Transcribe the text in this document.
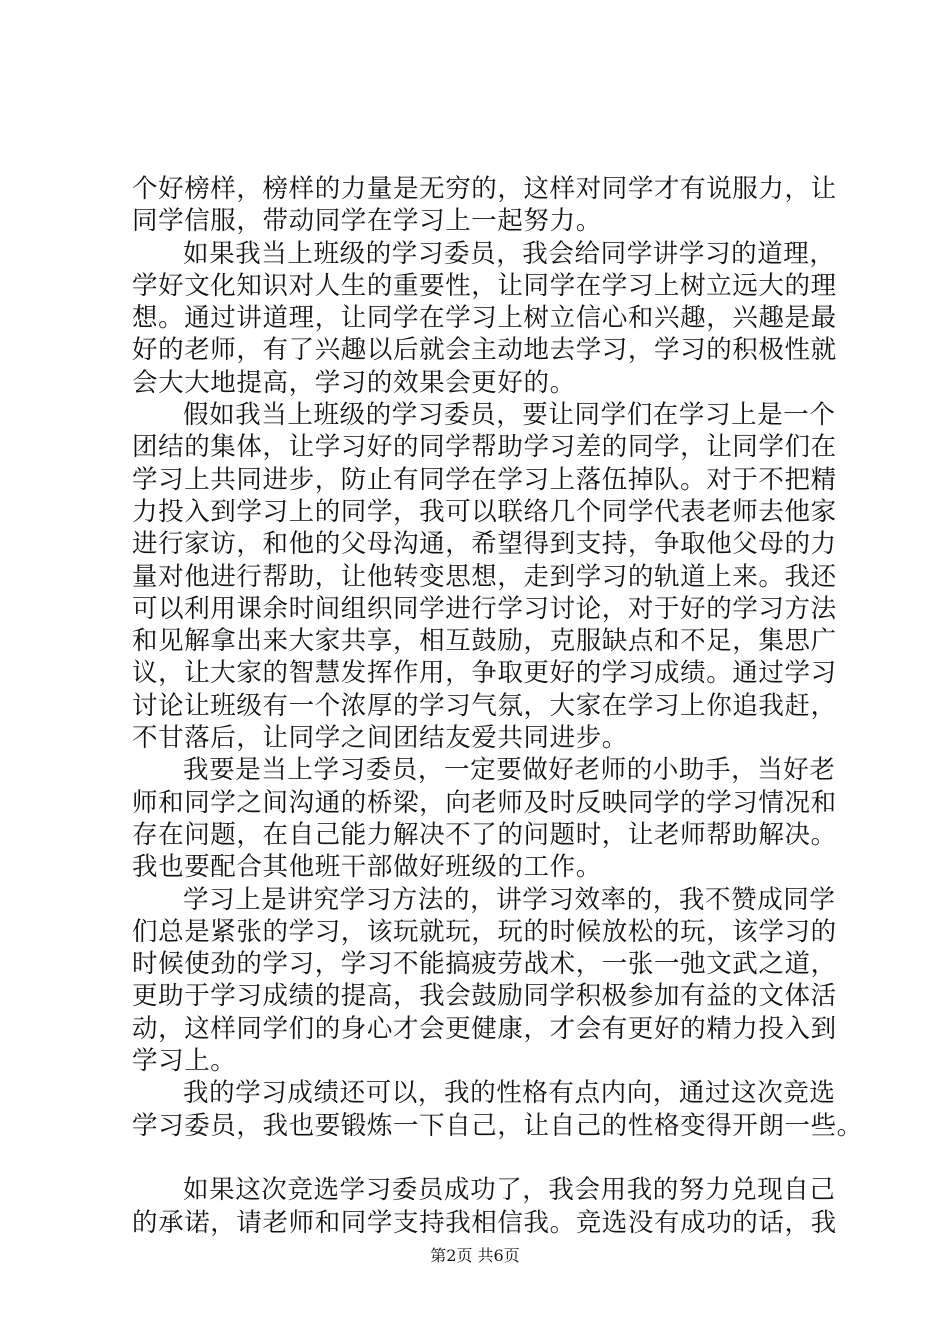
个好榜样，榜样的力量是无穷的，这样对同学才有说服力，让
同学信服，带动同学在学习上一起努力。
如果我当上班级的学习委员，我会给同学讲学习的道理，
学好文化知识对人生的重要性，让同学在学习上树立远大的理
想。通过讲道理，让同学在学习上树立信心和兴趣，兴趣是最
好的老师，有了兴趣以后就会主动地去学习，学习的积极性就
会大大地提高，学习的效果会更好的。
假如我当上班级的学习委员，要让同学们在学习上是一个
团结的集体，让学习好的同学帮助学习差的同学，让同学们在
学习上共同进步，防止有同学在学习上落伍掉队。对于不把精
力投入到学习上的同学，我可以联络几个同学代表老师去他家
进行家访，和他的父母沟通，希望得到支持，争取他父母的力
量对他进行帮助，让他转变思想，走到学习的轨道上来。我还
可以利用课余时间组织同学进行学习讨论，对于好的学习方法
和见解拿出来大家共享，相互鼓励，克服缺点和不足，集思广
议，让大家的智慧发挥作用，争取更好的学习成绩。通过学习
讨论让班级有一个浓厚的学习气氛，大家在学习上你追我赶，
不甘落后，让同学之间团结友爱共同进步。
我要是当上学习委员，一定要做好老师的小助手，当好老
师和同学之间沟通的桥梁，向老师及时反映同学的学习情况和
存在问题，在自己能力解决不了的问题时，让老师帮助解决。
我也要配合其他班干部做好班级的工作。
学习上是讲究学习方法的，讲学习效率的，我不赞成同学
们总是紧张的学习，该玩就玩，玩的时候放松的玩，该学习的
时候使劲的学习，学习不能搞疲劳战术，一张一弛文武之道，
更助于学习成绩的提高，我会鼓励同学积极参加有益的文体活
动，这样同学们的身心才会更健康，才会有更好的精力投入到
学习上。
我的学习成绩还可以，我的性格有点内向，通过这次竞选
学习委员，我也要锻炼一下自己，让自己的性格变得开朗一些。
如果这次竞选学习委员成功了，我会用我的努力兑现自己
的承诺，请老师和同学支持我相信我。竞选没有成功的话，我
第2页 共6页
